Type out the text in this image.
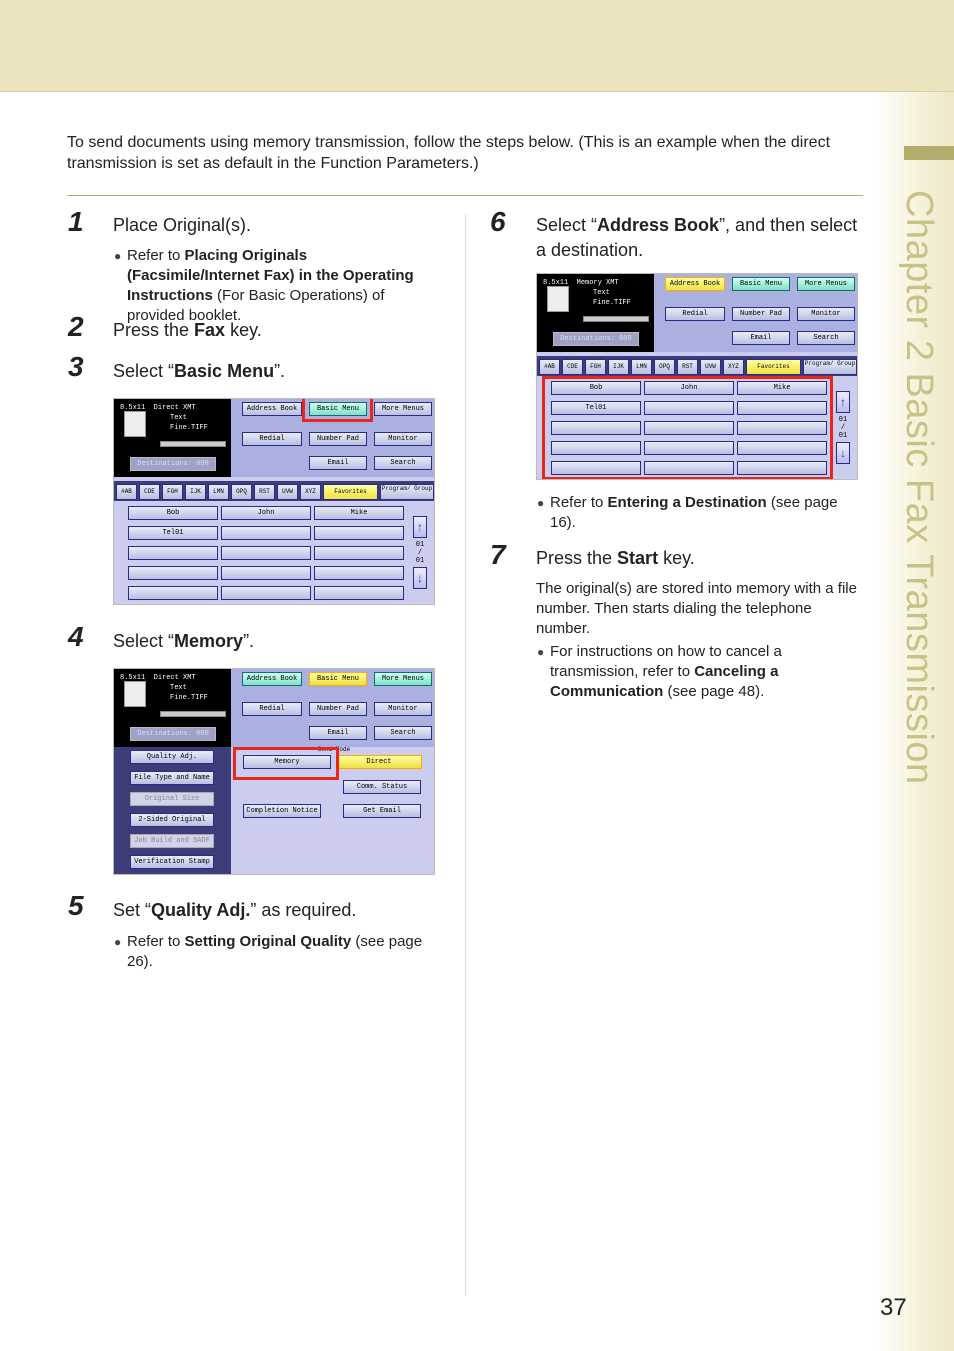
Chapter 2 Basic Fax Transmission
To send documents using memory transmission, follow the steps below. (This is an example when the direct transmission is set as default in the Function Parameters.)
1 Place Original(s).
● Refer to Placing Originals (Facsimile/Internet Fax) in the Operating Instructions (For Basic Operations) of provided booklet.
2 Press the Fax key.
3 Select “Basic Menu”.
8.5x11 Direct XMT
Text
Fine.TIFF
Destinations: 000
Address Book	Basic Menu	More Menus
Redial	Number Pad	Monitor
Email	Search
#AB	CDE	FGH	IJK	LMN	OPQ	RST	UVW	XYZ	Favorites	Program/ Group
Bob	John	Mike
Tel01	↑
01
/
01
↓
4 Select “Memory”.
8.5x11 Direct XMT
Text
Fine.TIFF
Destinations: 000
Address Book	Basic Menu	More Menus
Redial	Number Pad	Monitor
Email	Search
Quality Adj.
File Type and Name
Original Size
2-Sided Original
Job Build and SADF
Verification Stamp
Send Mode
Memory	Direct
Comm. Status
Completion Notice	Get Email
5 Set “Quality Adj.” as required.
● Refer to Setting Original Quality (see page 26).
6 Select “Address Book”, and then select a destination.
8.5x11 Memory XMT
Text
Fine.TIFF
Destinations: 000
Address Book	Basic Menu	More Menus
Redial	Number Pad	Monitor
Email	Search
#AB	CDE	FGH	IJK	LMN	OPQ	RST	UVW	XYZ	Favorites	Program/ Group
Bob	John	Mike
Tel01	↑
01
/
01
↓
● Refer to Entering a Destination (see page 16).
7 Press the Start key.
The original(s) are stored into memory with a file number. Then starts dialing the telephone number.
● For instructions on how to cancel a transmission, refer to Canceling a Communication (see page 48).
37
